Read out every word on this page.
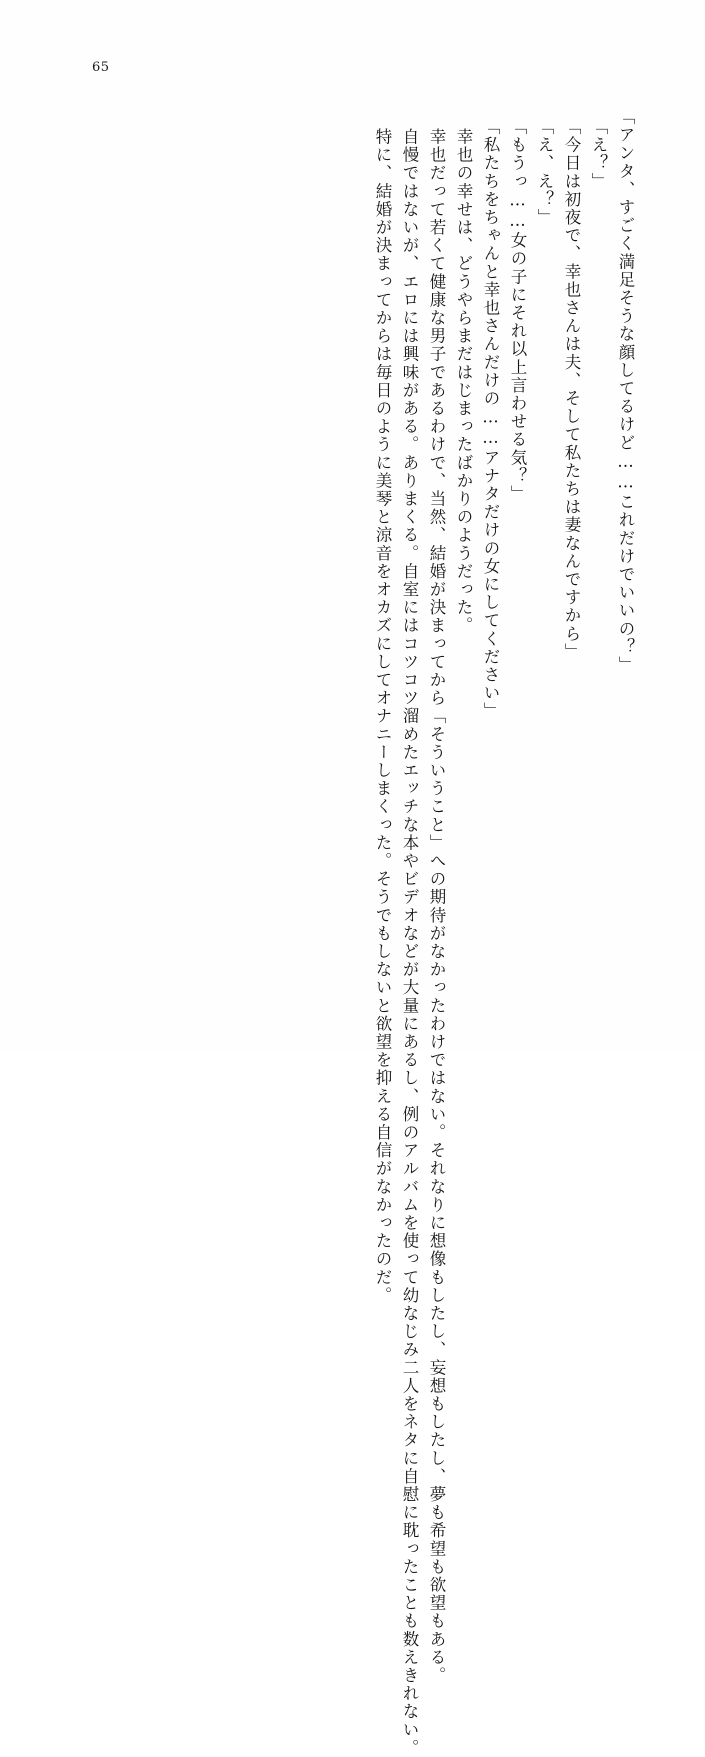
65
「アンタ、すごく満足そうな顔してるけど……これだけでいいの？」
「え？」
「今日は初夜で、幸也さんは夫、そして私たちは妻なんですから」
「え、え？」
「もうっ……女の子にそれ以上言わせる気？」
「私たちをちゃんと幸也さんだけの……アナタだけの女にしてください」
幸也の幸せは、どうやらまだはじまったばかりのようだった。
幸也だって若くて健康な男子であるわけで、当然、結婚が決まってから「そういうこと」への期待がなかったわけではない。それなりに想像もしたし、妄想もしたし、夢も希望も欲望もある。
自慢ではないが、エロには興味がある。ありまくる。自室にはコツコツ溜めたエッチな本やビデオなどが大量にあるし、例のアルバムを使って幼なじみ二人をネタに自慰に耽ったことも数えきれない。
特に、結婚が決まってからは毎日のように美琴と涼音をオカズにしてオナニーしまくった。そうでもしないと欲望を抑える自信がなかったのだ。
